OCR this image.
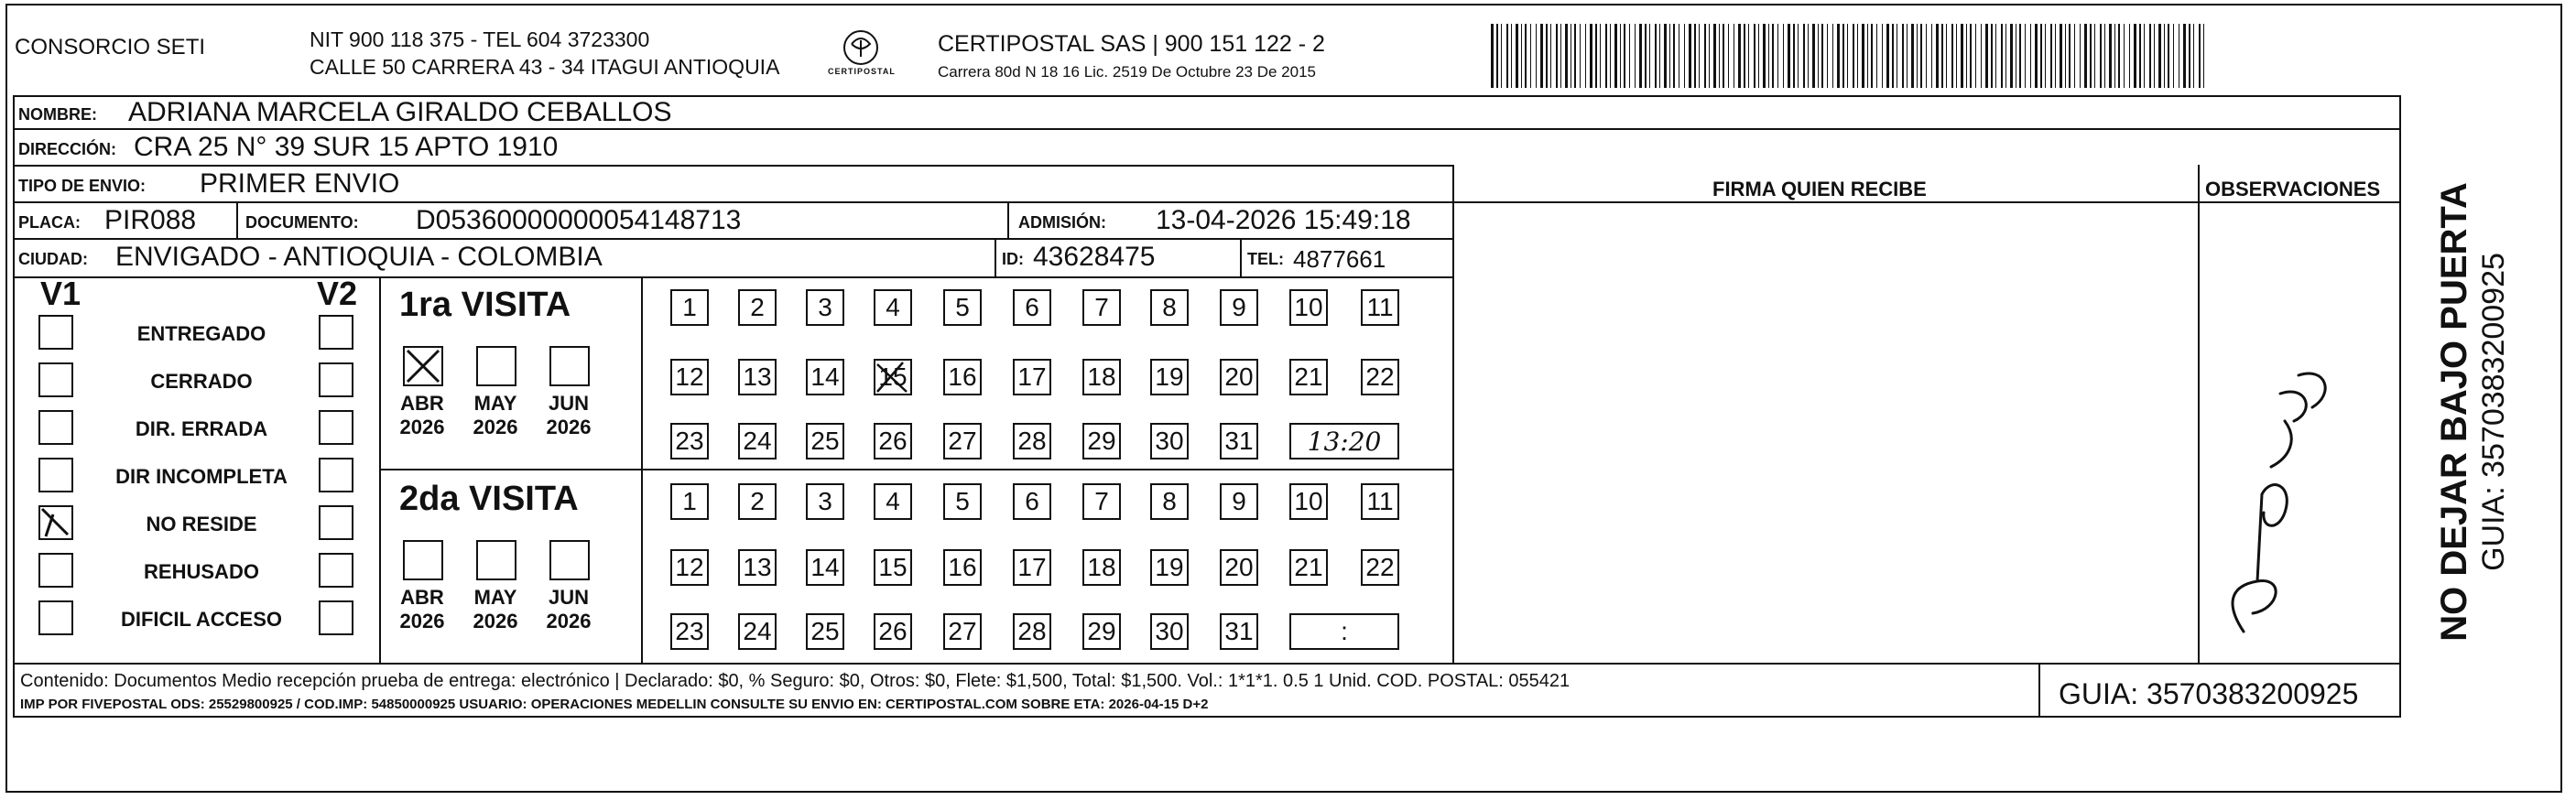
CONSORCIO SETI	NIT 900 118 375 - TEL 604 3723300
CALLE 50 CARRERA 43 - 34 ITAGUI ANTIOQUIA	CERTIPOSTAL
CERTIPOSTAL SAS | 900 151 122 - 2
Carrera 80d N 18 16 Lic. 2519 De Octubre 23 De 2015
NOMBRE: ADRIANA MARCELA GIRALDO CEBALLOS
DIRECCIÓN: CRA 25 N° 39 SUR 15 APTO 1910
TIPO DE ENVIO: PRIMER ENVIO	FIRMA QUIEN RECIBE	OBSERVACIONES
PLACA: PIR088	DOCUMENTO: D05360000000054148713	ADMISIÓN: 13-04-2026 15:49:18
CIUDAD: ENVIGADO - ANTIOQUIA - COLOMBIA	ID: 43628475	TEL: 4877661
V1	V2
ENTREGADO
CERRADO
DIR. ERRADA
DIR INCOMPLETA
NO RESIDE
REHUSADO
DIFICIL ACCESO
1ra VISITA
2da VISITA
ABR
2026
MAY
2026
JUN
2026
ABR
2026
MAY
2026
JUN
2026
1	2	3	4	5	6	7	8	9	10 11
12 13 14 15 16 17 18 19 20 21 22
23 24 25 26 27 28 29 30 31	13:20
1	2	3	4	5	6	7	8	9	10 11
12 13 14 15 16 17 18 19 20 21 22
23 24 25 26 27 28 29 30 31	:
Contenido: Documentos Medio recepción prueba de entrega: electrónico | Declarado: $0, % Seguro: $0, Otros: $0, Flete: $1,500, Total: $1,500. Vol.: 1*1*1. 0.5 1 Unid. COD. POSTAL: 055421
IMP POR FIVEPOSTAL ODS: 25529800925 / COD.IMP: 54850000925 USUARIO: OPERACIONES MEDELLIN CONSULTE SU ENVIO EN: CERTIPOSTAL.COM SOBRE ETA: 2026-04-15 D+2	GUIA: 3570383200925
NO DEJAR BAJO PUERTA GUIA: 3570383200925
